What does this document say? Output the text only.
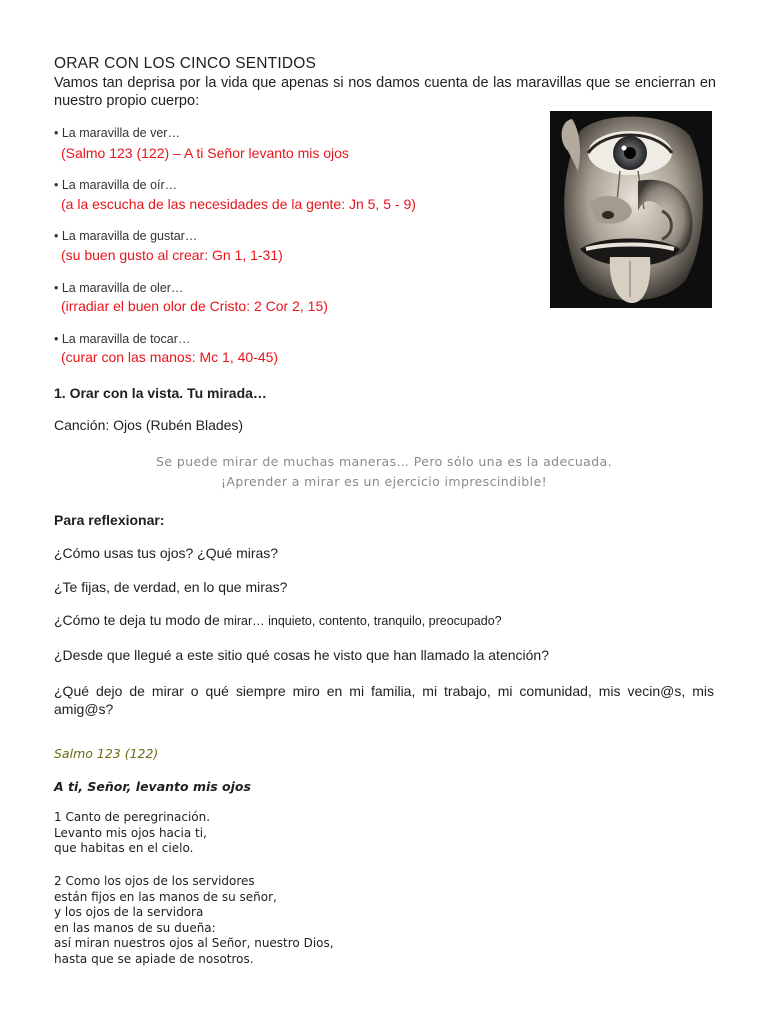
ORAR CON LOS CINCO SENTIDOS
Vamos tan deprisa por la vida que apenas si nos damos cuenta de las maravillas que se encierran en nuestro propio cuerpo:
• La maravilla de ver…
(Salmo 123 (122) – A ti Señor levanto mis ojos
• La maravilla de oír…
(a la escucha de las necesidades de la gente: Jn 5, 5 - 9)
• La maravilla de gustar…
(su buen gusto al crear: Gn 1, 1-31)
• La maravilla de oler…
(irradiar el buen olor de Cristo: 2 Cor 2, 15)
• La maravilla de tocar…
(curar con las manos: Mc 1, 40-45)
1. Orar con la vista. Tu mirada…
Canción: Ojos (Rubén Blades)
Se puede mirar de muchas maneras… Pero sólo una es la adecuada.
¡Aprender a mirar es un ejercicio imprescindible!
Para reflexionar:
¿Cómo usas tus ojos? ¿Qué miras?
¿Te fijas, de verdad, en lo que miras?
¿Cómo te deja tu modo de mirar… inquieto, contento, tranquilo, preocupado?
¿Desde que llegué a este sitio qué cosas he visto que han llamado la atención?
¿Qué dejo de mirar o qué siempre miro en mi familia, mi trabajo, mi comunidad, mis vecin@s, mis amig@s?
Salmo 123 (122)
A ti, Señor, levanto mis ojos
1 Canto de peregrinación.
Levanto mis ojos hacia ti,
que habitas en el cielo.
2 Como los ojos de los servidores
están fijos en las manos de su señor,
y los ojos de la servidora
en las manos de su dueña:
así miran nuestros ojos al Señor, nuestro Dios,
hasta que se apiade de nosotros.
